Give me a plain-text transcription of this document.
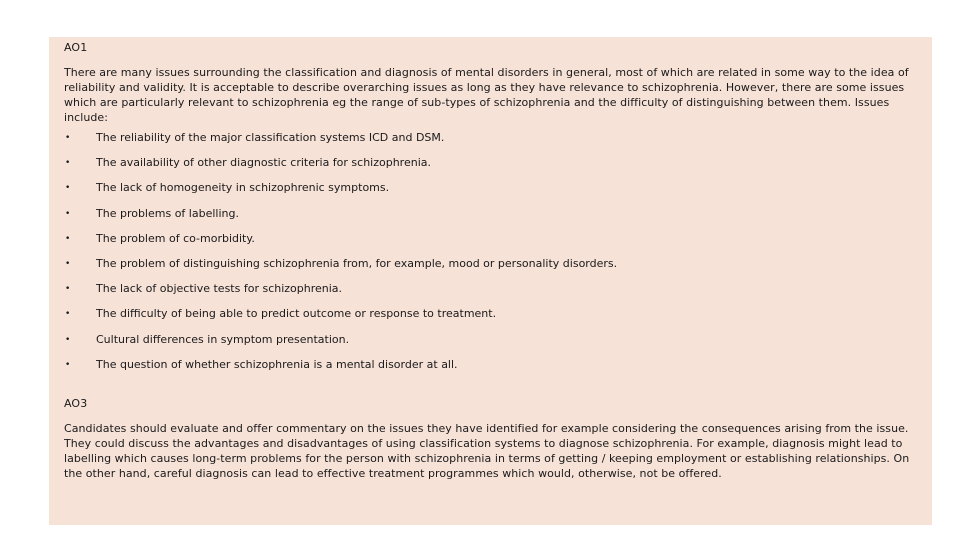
AO1

There are many issues surrounding the classification and diagnosis of mental disorders in general, most of which are related in some way to the idea of reliability and validity. It is acceptable to describe overarching issues as long as they have relevance to schizophrenia. However, there are some issues which are particularly relevant to schizophrenia eg the range of sub-types of schizophrenia and the difficulty of distinguishing between them. Issues include:

• The reliability of the major classification systems ICD and DSM.
• The availability of other diagnostic criteria for schizophrenia.
• The lack of homogeneity in schizophrenic symptoms.
• The problems of labelling.
• The problem of co-morbidity.
• The problem of distinguishing schizophrenia from, for example, mood or personality disorders.
• The lack of objective tests for schizophrenia.
• The difficulty of being able to predict outcome or response to treatment.
• Cultural differences in symptom presentation.
• The question of whether schizophrenia is a mental disorder at all.

AO3

Candidates should evaluate and offer commentary on the issues they have identified for example considering the consequences arising from the issue. They could discuss the advantages and disadvantages of using classification systems to diagnose schizophrenia. For example, diagnosis might lead to labelling which causes long-term problems for the person with schizophrenia in terms of getting / keeping employment or establishing relationships. On the other hand, careful diagnosis can lead to effective treatment programmes which would, otherwise, not be offered.
